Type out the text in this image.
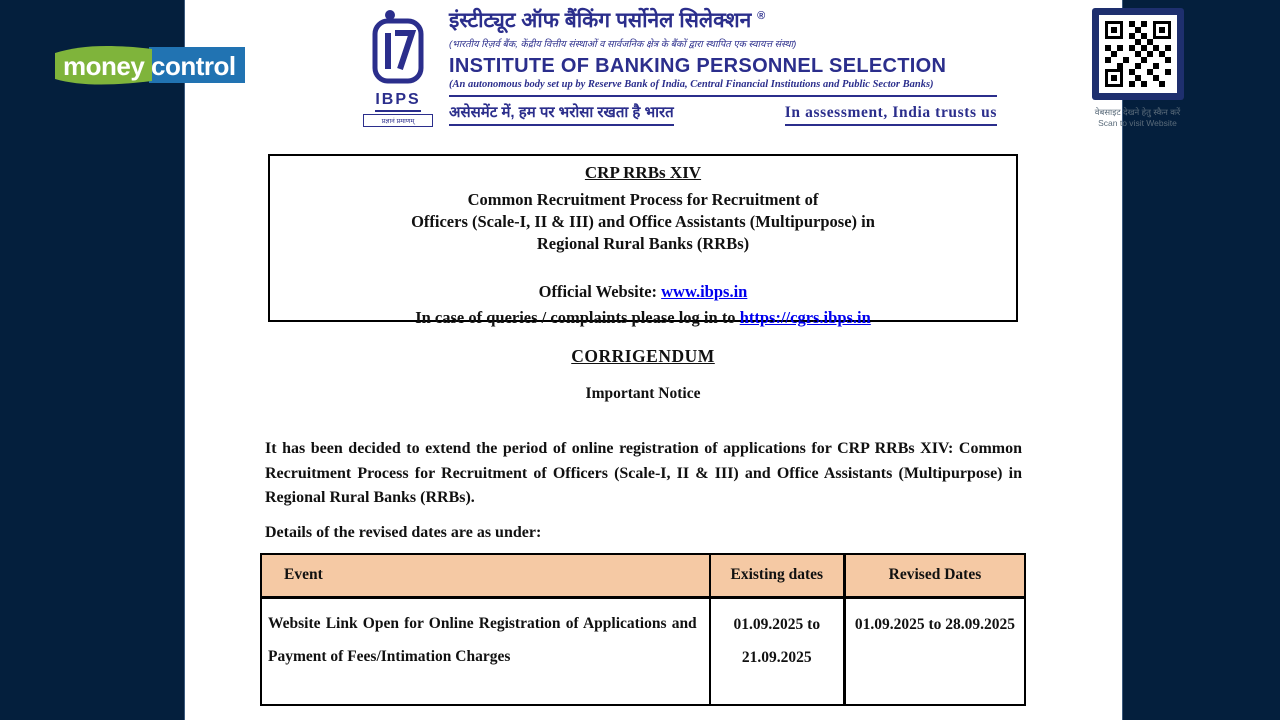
IBPS
प्रज्ञानं प्रमाणम्
इंस्टीट्यूट ऑफ बैंकिंग पर्सोनेल सिलेक्शन ®
(भारतीय रिज़र्व बैंक, केंद्रीय वित्तीय संस्थाओं व सार्वजनिक क्षेत्र के बैंकों द्वारा स्थापित एक स्वायत्त संस्था)
INSTITUTE OF BANKING PERSONNEL SELECTION
(An autonomous body set up by Reserve Bank of India, Central Financial Institutions and Public Sector Banks)
असेसमेंट में, हम पर भरोसा रखता है भारत	In assessment, India trusts us	वेबसाइट देखने हेतु स्कैन करें
Scan to visit Website
CRP RRBs XIV
Common Recruitment Process for Recruitment of
Officers (Scale-I, II & III) and Office Assistants (Multipurpose) in
Regional Rural Banks (RRBs)
Official Website: www.ibps.in
In case of queries / complaints please log in to https://cgrs.ibps.in
CORRIGENDUM
Important Notice
It has been decided to extend the period of online registration of applications for CRP RRBs XIV: Common Recruitment Process for Recruitment of Officers (Scale-I, II & III) and Office Assistants (Multipurpose) in Regional Rural Banks (RRBs).
Details of the revised dates are as under:
Event	Existing dates	Revised Dates
Website Link Open for Online Registration of Applications and Payment of Fees/Intimation Charges	01.09.2025 to 21.09.2025	01.09.2025 to 28.09.2025
money control
